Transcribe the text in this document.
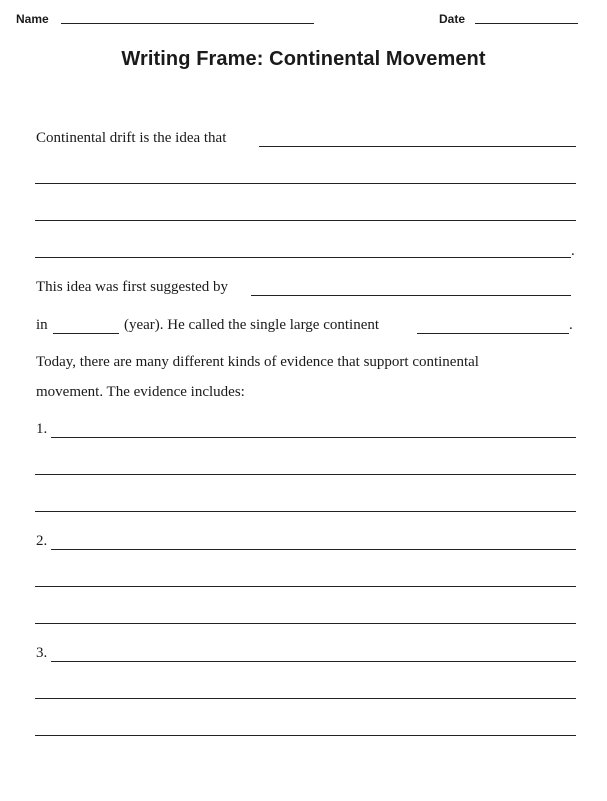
Name	Date
Writing Frame: Continental Movement
Continental drift is the idea that
.
This idea was first suggested by
in	(year). He called the single large continent	.
Today, there are many different kinds of evidence that support continental
movement. The evidence includes:
1.
2.
3.
